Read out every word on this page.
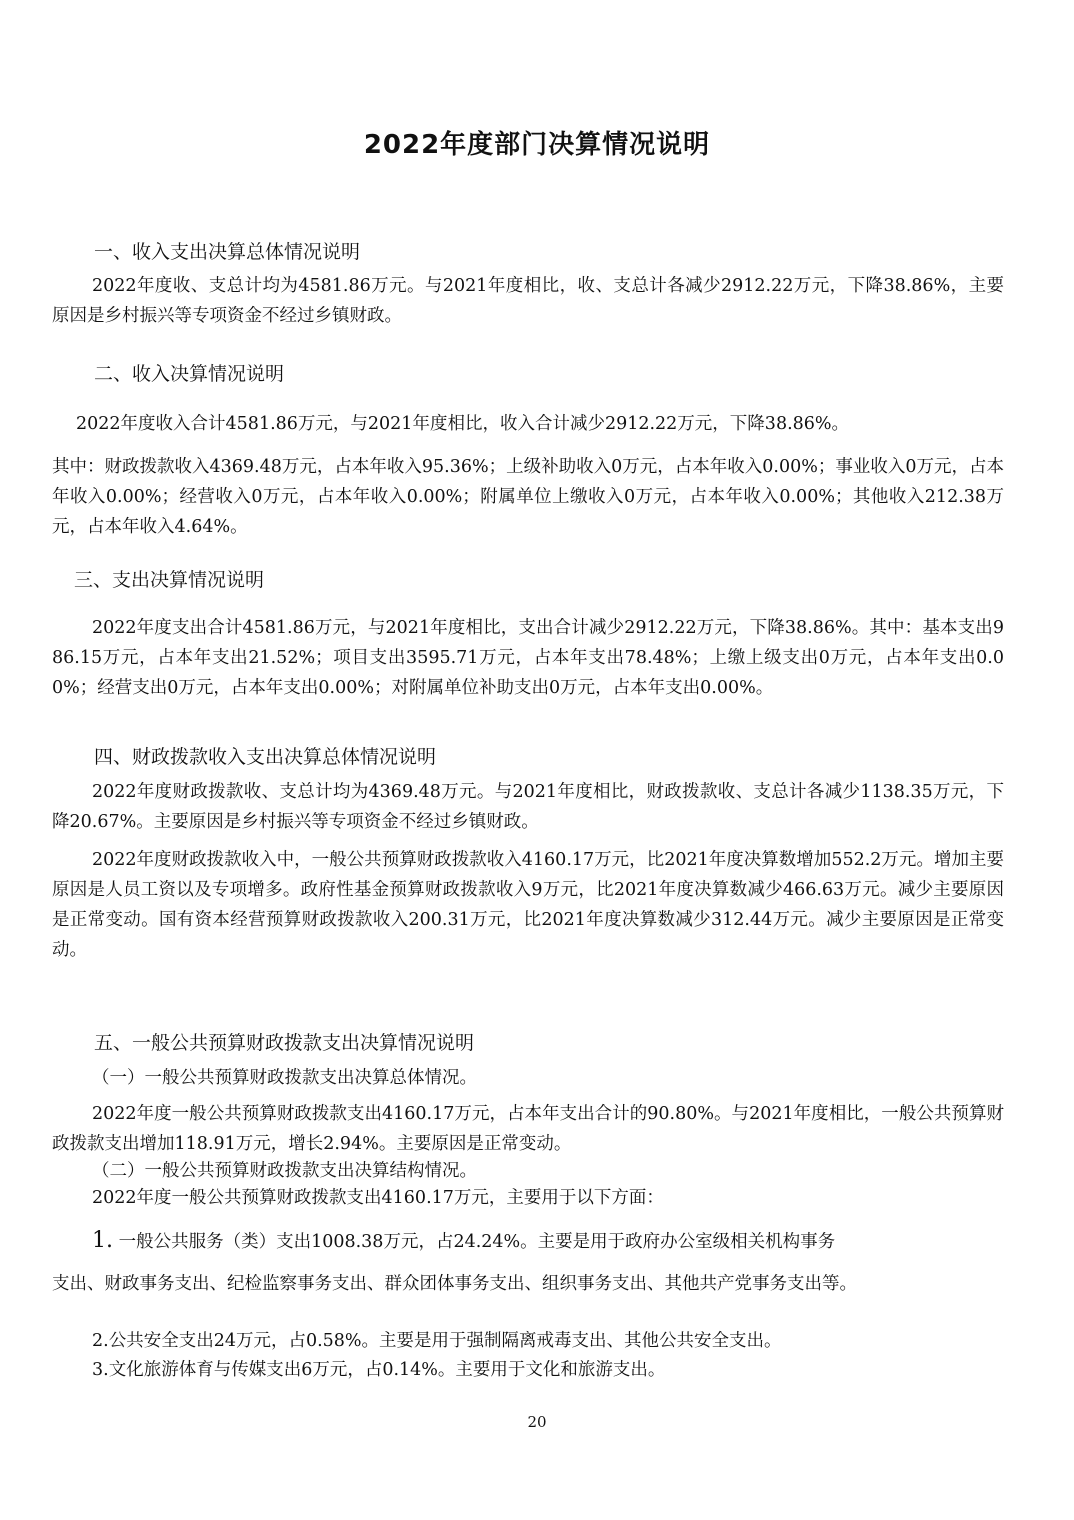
2022年度部门决算情况说明
一、收入支出决算总体情况说明
2022年度收、支总计均为4581.86万元。与2021年度相比，收、支总计各减少2912.22万元，下降38.86%，主要原因是乡村振兴等专项资金不经过乡镇财政。
二、收入决算情况说明
2022年度收入合计4581.86万元，与2021年度相比，收入合计减少2912.22万元，下降38.86%。
其中：财政拨款收入4369.48万元，占本年收入95.36%；上级补助收入0万元，占本年收入0.00%；事业收入0万元，占本年收入0.00%；经营收入0万元，占本年收入0.00%；附属单位上缴收入0万元，占本年收入0.00%；其他收入212.38万元，占本年收入4.64%。
三、支出决算情况说明
2022年度支出合计4581.86万元，与2021年度相比，支出合计减少2912.22万元，下降38.86%。其中：基本支出986.15万元，占本年支出21.52%；项目支出3595.71万元，占本年支出78.48%；上缴上级支出0万元，占本年支出0.00%；经营支出0万元，占本年支出0.00%；对附属单位补助支出0万元，占本年支出0.00%。
四、财政拨款收入支出决算总体情况说明
2022年度财政拨款收、支总计均为4369.48万元。与2021年度相比，财政拨款收、支总计各减少1138.35万元，下降20.67%。主要原因是乡村振兴等专项资金不经过乡镇财政。
2022年度财政拨款收入中，一般公共预算财政拨款收入4160.17万元，比2021年度决算数增加552.2万元。增加主要原因是人员工资以及专项增多。政府性基金预算财政拨款收入9万元，比2021年度决算数减少466.63万元。减少主要原因是正常变动。国有资本经营预算财政拨款收入200.31万元，比2021年度决算数减少312.44万元。减少主要原因是正常变动。
五、一般公共预算财政拨款支出决算情况说明
（一）一般公共预算财政拨款支出决算总体情况。
2022年度一般公共预算财政拨款支出4160.17万元，占本年支出合计的90.80%。与2021年度相比，一般公共预算财政拨款支出增加118.91万元，增长2.94%。主要原因是正常变动。
（二）一般公共预算财政拨款支出决算结构情况。
2022年度一般公共预算财政拨款支出4160.17万元，主要用于以下方面：
1. 一般公共服务（类）支出1008.38万元，占24.24%。主要是用于政府办公室级相关机构事务
支出、财政事务支出、纪检监察事务支出、群众团体事务支出、组织事务支出、其他共产党事务支出等。
2.公共安全支出24万元，占0.58%。主要是用于强制隔离戒毒支出、其他公共安全支出。
3.文化旅游体育与传媒支出6万元，占0.14%。主要用于文化和旅游支出。
20
